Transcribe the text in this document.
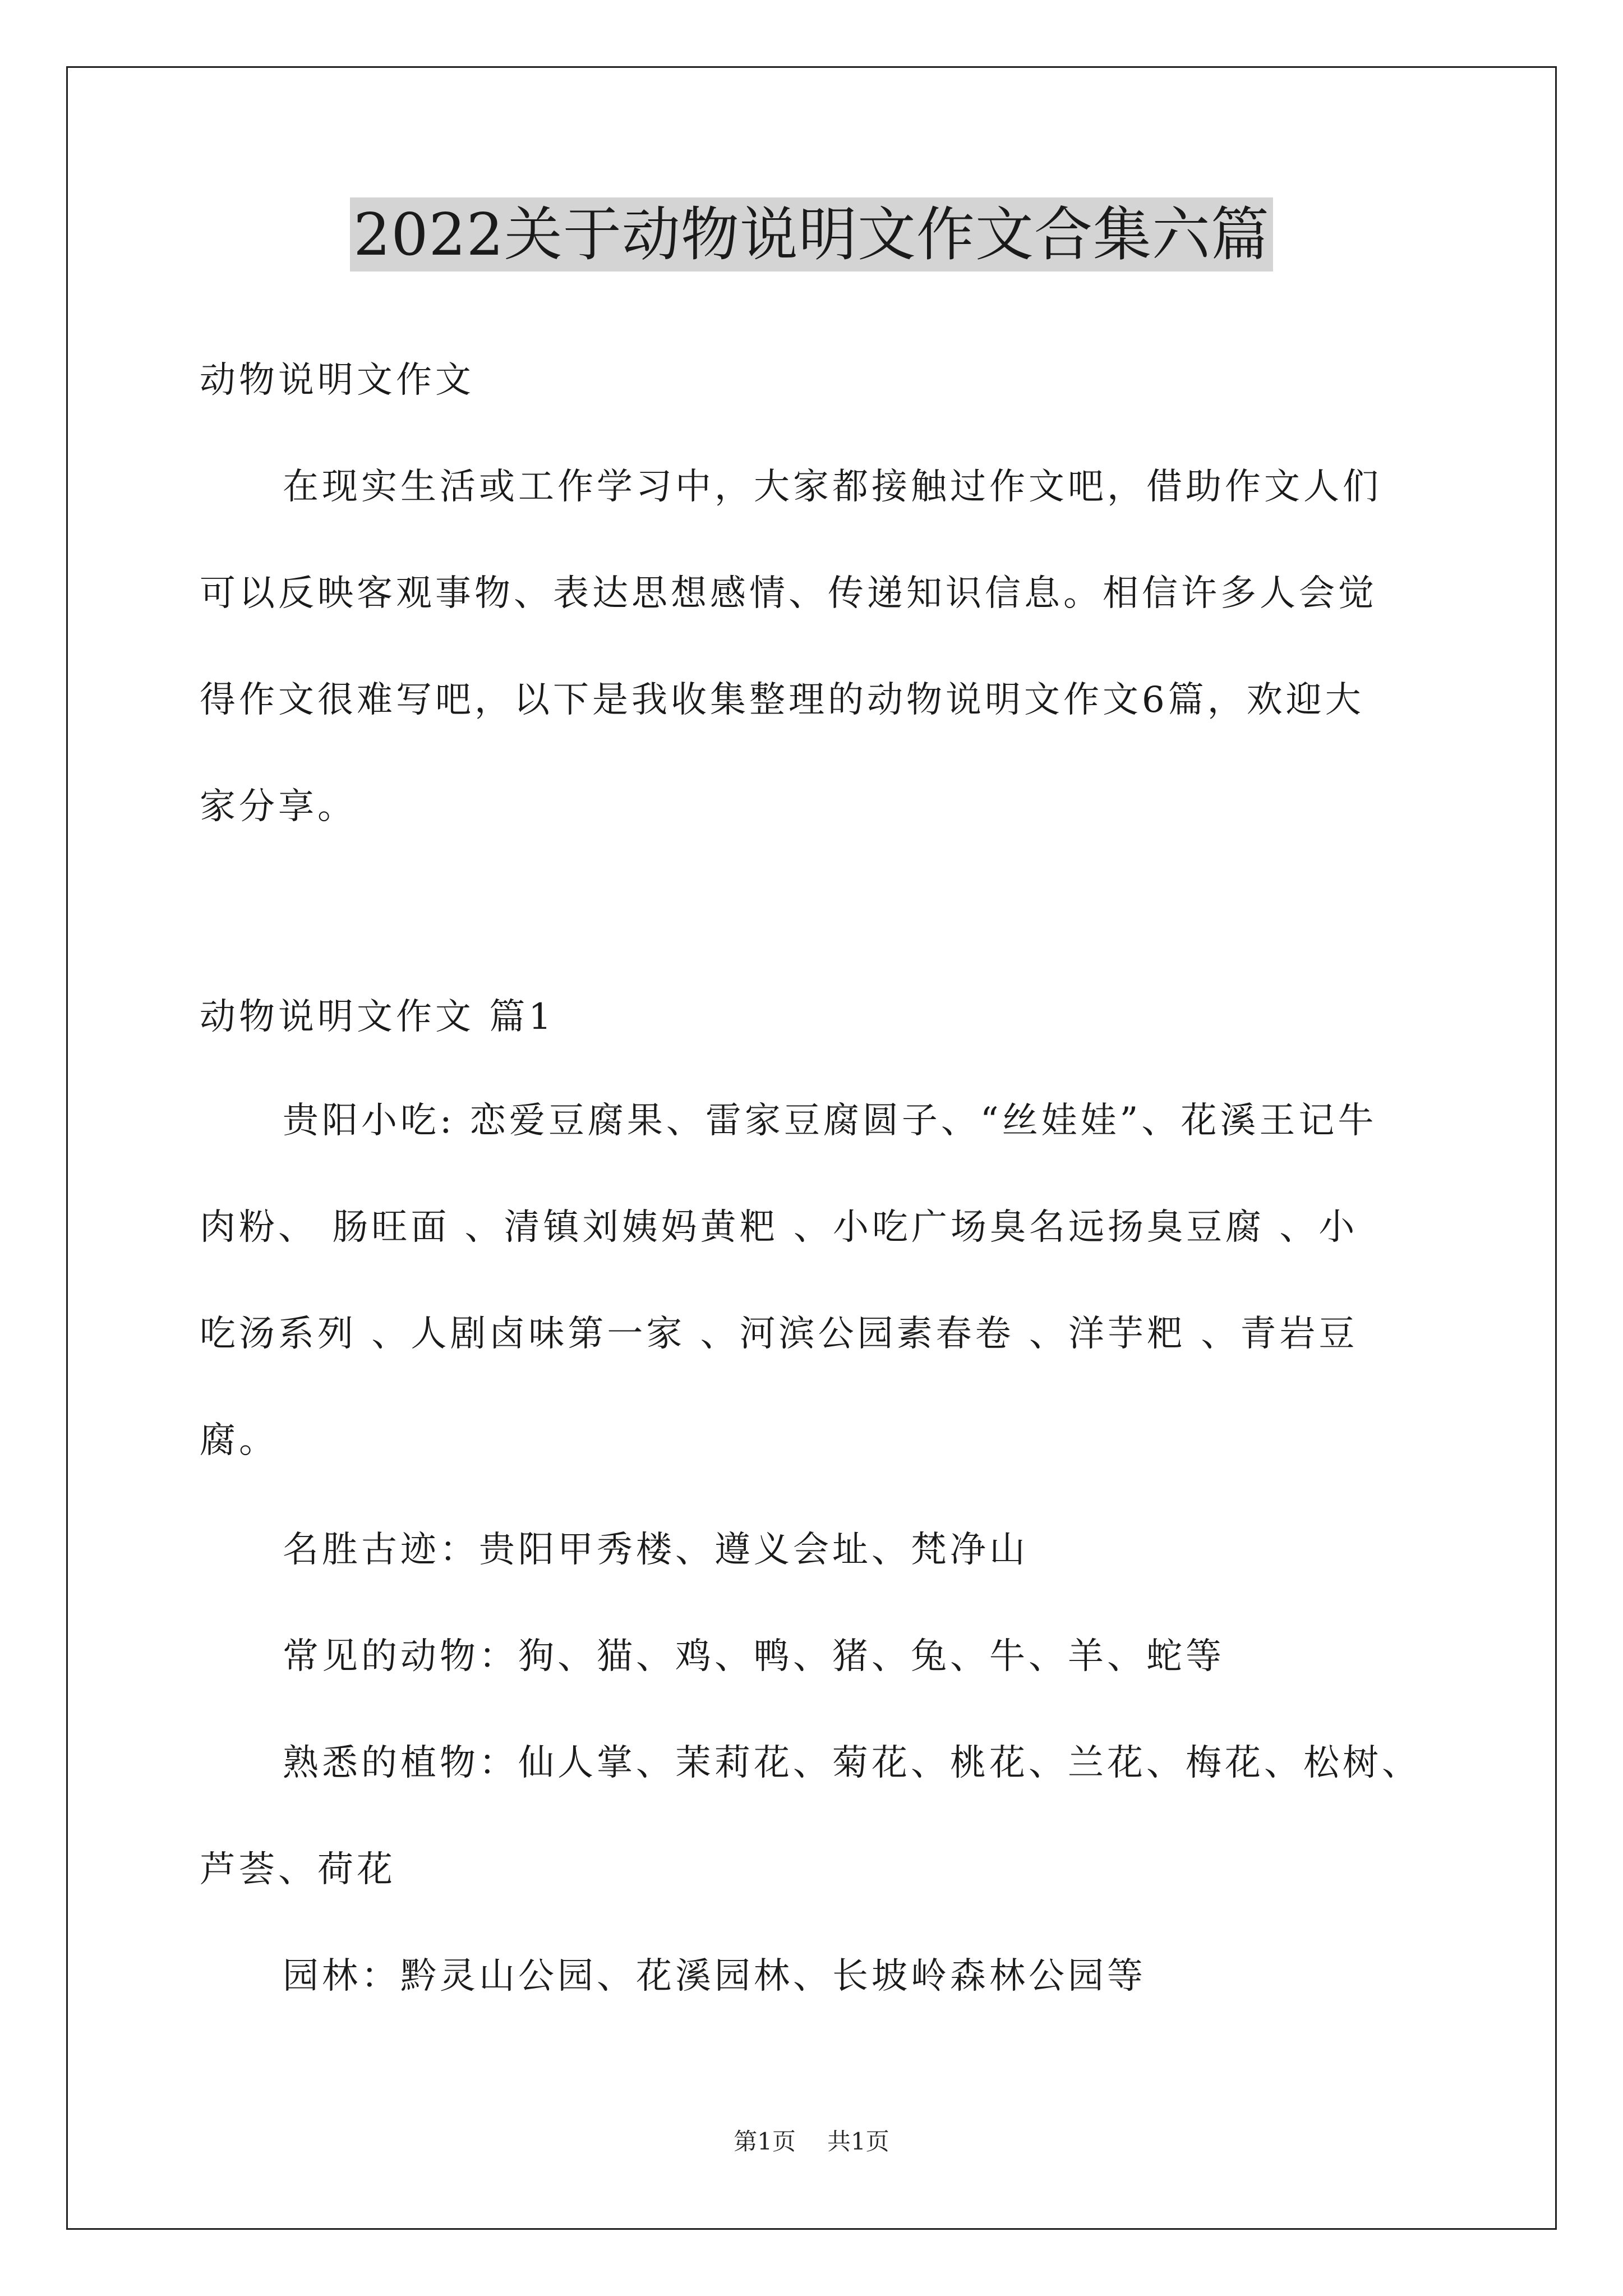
2022关于动物说明文作文合集六篇

动物说明文作文

在现实生活或工作学习中，大家都接触过作文吧，借助作文人们
可以反映客观事物、表达思想感情、传递知识信息。相信许多人会觉
得作文很难写吧，以下是我收集整理的动物说明文作文6篇，欢迎大
家分享。

动物说明文作文 篇1

贵阳小吃: 恋爱豆腐果、雷家豆腐圆子、“丝娃娃”、花溪王记牛
肉粉、 肠旺面 、清镇刘姨妈黄粑 、小吃广场臭名远扬臭豆腐 、小
吃汤系列 、人剧卤味第一家 、河滨公园素春卷 、洋芋粑 、青岩豆
腐。

名胜古迹：贵阳甲秀楼、遵义会址、梵净山

常见的动物：狗、猫、鸡、鸭、猪、兔、牛、羊、蛇等

熟悉的植物：仙人掌、茉莉花、菊花、桃花、兰花、梅花、松树、
芦荟、荷花

园林：黔灵山公园、花溪园林、长坡岭森林公园等

第1页 共1页
